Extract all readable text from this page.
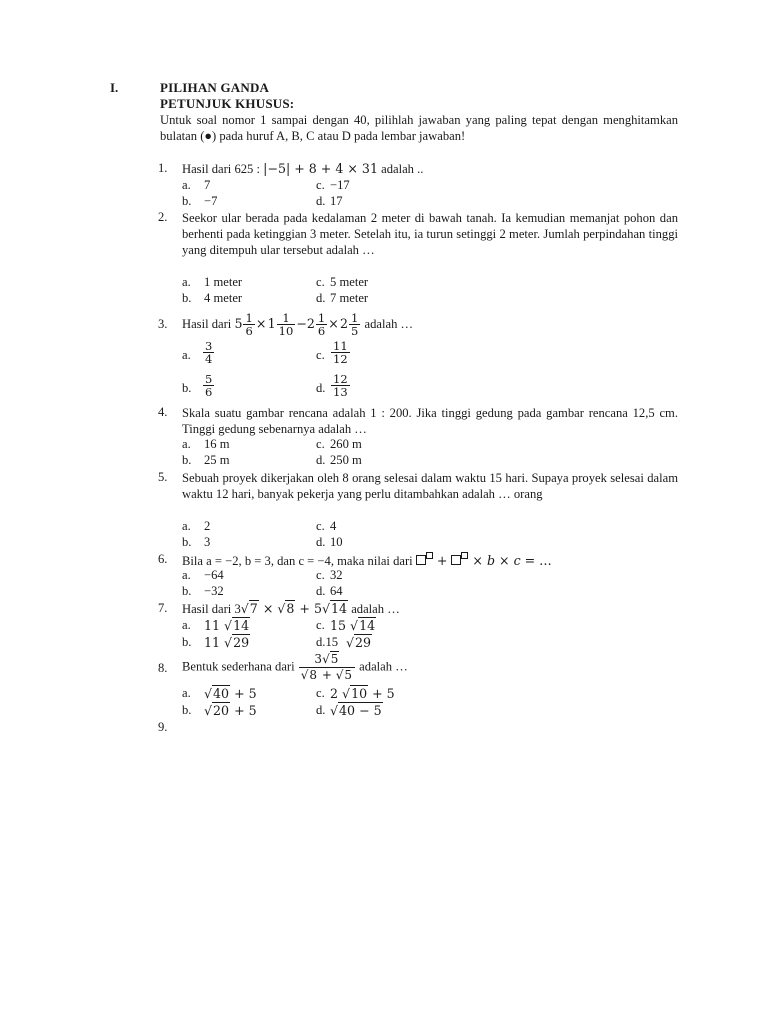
I.	PILIHAN GANDA
PETUNJUK KHUSUS:
Untuk soal nomor 1 sampai dengan 40, pilihlah jawaban yang paling tepat dengan menghitamkan bulatan (●) pada huruf A, B, C atau D pada lembar jawaban!
1. Hasil dari 625 : |−5| + 8 + 4 × 31 adalah ..
a. 7	c. −17
b. −7	d. 17
2. Seekor ular berada pada kedalaman 2 meter di bawah tanah. Ia kemudian memanjat pohon dan berhenti pada ketinggian 3 meter. Setelah itu, ia turun setinggi 2 meter. Jumlah perpindahan tinggi yang ditempuh ular tersebut adalah …
a. 1 meter	c. 5 meter
b. 4 meter	d. 7 meter
3. Hasil dari $5 \frac{1}{6}$ × $1 \frac{1}{10} -2 \frac{1}{6}$ × $2 \frac{1}{5}$ adalah …
a. $\frac{3}{4}$	c. $\frac{11}{12}$
b. $\frac{5}{6}$	d. $\frac{12}{13}$
4. Skala suatu gambar rencana adalah 1 : 200. Jika tinggi gedung pada gambar rencana 12,5 cm. Tinggi gedung sebenarnya adalah …
a. 16 m	c. 260 m
b. 25 m	d. 250 m
5. Sebuah proyek dikerjakan oleh 8 orang selesai dalam waktu 15 hari. Supaya proyek selesai dalam waktu 12 hari, banyak pekerja yang perlu ditambahkan adalah … orang
a. 2	c. 4
b. 3	d. 10
6. Bila a = −2, b = 3, dan c = −4, maka nilai dari  +  × b × c = …
a. −64	c. 32
b. −32	d. 64
7. Hasil dari 3√7 × √8 + 5√14 adalah …
a. 11 √14	c. 15 √14
b. 11 √29	d.15 √29
8. Bentuk sederhana dari $\frac{3√5}{√8 + √5}$ adalah …
a. √40 + 5	c. 2 √10 + 5
b. √20 + 5	d. √40 − 5
9.
